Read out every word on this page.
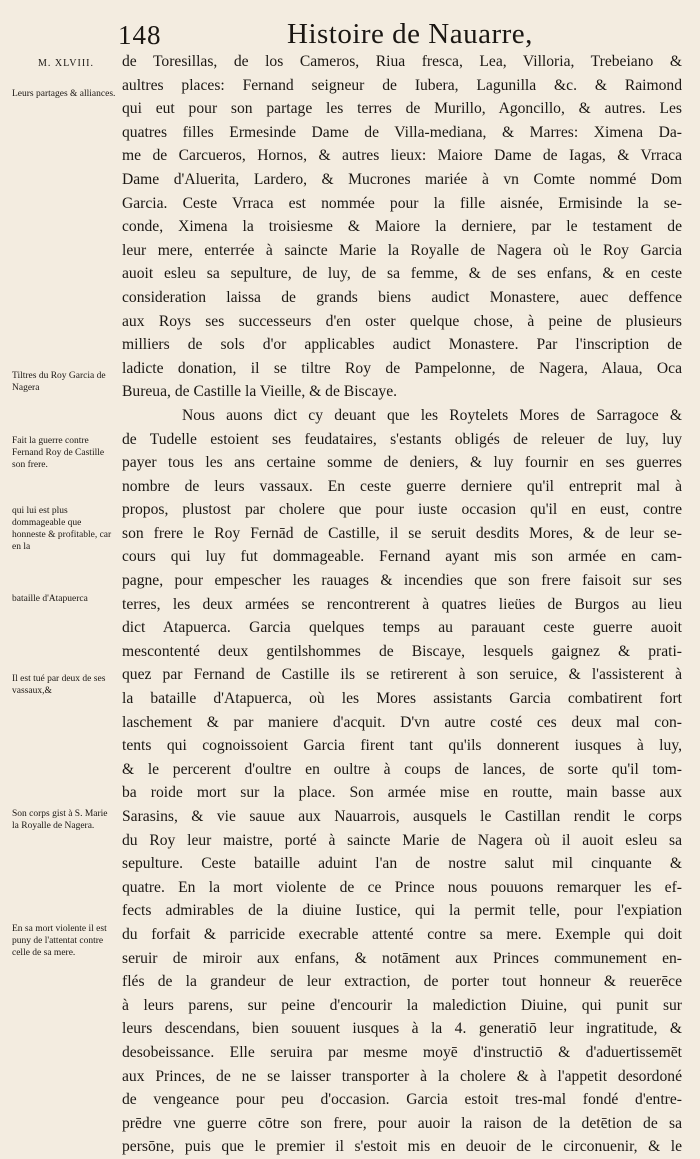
148	Histoire de Nauarre,
M. XLVIII.
Leurs partages & alliances.
Tiltres du Roy Garcia de Nagera
Fait la guerre contre Fernand Roy de Castille son frere.
qui lui est plus dommageable que honneste & profitable, car en la
bataille d'Atapuerca
Il est tué par deux de ses vassaux,&
Son corps gist à S. Marie la Royalle de Nagera.
En sa mort violente il est puny de l'attentat contre celle de sa mere.
de Toresillas, de los Cameros, Riua fresca, Lea, Villoria, Trebeiano &
aultres places: Fernand seigneur de Iubera, Lagunilla &c. & Raimond
qui eut pour son partage les terres de Murillo, Agoncillo, & autres. Les
quatres filles Ermesinde Dame de Villa-mediana, & Marres: Ximena Da-
me de Carcueros, Hornos, & autres lieux: Maiore Dame de Iagas, & Vrraca
Dame d'Aluerita, Lardero, & Mucrones mariée à vn Comte nommé Dom
Garcia. Ceste Vrraca est nommée pour la fille aisnée, Ermisinde la se-
conde, Ximena la troisiesme & Maiore la derniere, par le testament de
leur mere, enterrée à saincte Marie la Royalle de Nagera où le Roy Garcia
auoit esleu sa sepulture, de luy, de sa femme, & de ses enfans, & en ceste
consideration laissa de grands biens audict Monastere, auec deffence
aux Roys ses successeurs d'en oster quelque chose, à peine de plusieurs
milliers de sols d'or applicables audict Monastere. Par l'inscription de
ladicte donation, il se tiltre Roy de Pampelonne, de Nagera, Alaua, Oca
Bureua, de Castille la Vieille, & de Biscaye.
Nous auons dict cy deuant que les Roytelets Mores de Sarragoce &
de Tudelle estoient ses feudataires, s'estants obligés de releuer de luy, luy
payer tous les ans certaine somme de deniers, & luy fournir en ses guerres
nombre de leurs vassaux. En ceste guerre derniere qu'il entreprit mal à
propos, plustost par cholere que pour iuste occasion qu'il en eust, contre
son frere le Roy Fernād de Castille, il se seruit desdits Mores, & de leur se-
cours qui luy fut dommageable. Fernand ayant mis son armée en cam-
pagne, pour empescher les rauages & incendies que son frere faisoit sur ses
terres, les deux armées se rencontrerent à quatres lieües de Burgos au lieu
dict Atapuerca. Garcia quelques temps au parauant ceste guerre auoit
mescontenté deux gentilshommes de Biscaye, lesquels gaignez & prati-
quez par Fernand de Castille ils se retirerent à son seruice, & l'assisterent à
la bataille d'Atapuerca, où les Mores assistants Garcia combatirent fort
laschement & par maniere d'acquit. D'vn autre costé ces deux mal con-
tents qui cognoissoient Garcia firent tant qu'ils donnerent iusques à luy,
& le percerent d'oultre en oultre à coups de lances, de sorte qu'il tom-
ba roide mort sur la place. Son armée mise en routte, main basse aux
Sarasins, & vie sauue aux Nauarrois, ausquels le Castillan rendit le corps
du Roy leur maistre, porté à saincte Marie de Nagera où il auoit esleu sa
sepulture. Ceste bataille aduint l'an de nostre salut mil cinquante &
quatre. En la mort violente de ce Prince nous pouuons remarquer les ef-
fects admirables de la diuine Iustice, qui la permit telle, pour l'expiation
du forfait & parricide execrable attenté contre sa mere. Exemple qui doit
seruir de miroir aux enfans, & notāment aux Princes communement en-
flés de la grandeur de leur extraction, de porter tout honneur & reuerēce
à leurs parens, sur peine d'encourir la malediction Diuine, qui punit sur
leurs descendans, bien souuent iusques à la 4. generatiō leur ingratitude, &
desobeissance. Elle seruira par mesme moyē d'instructiō & d'aduertissemēt
aux Princes, de ne se laisser transporter à la cholere & à l'appetit desordoné
de vengeance pour peu d'occasion. Garcia estoit tres-mal fondé d'entre-
prēdre vne guerre cōtre son frere, pour auoir la raison de la detētion de sa
persōne, puis que le premier il s'estoit mis en deuoir de le circonuenir, & le
